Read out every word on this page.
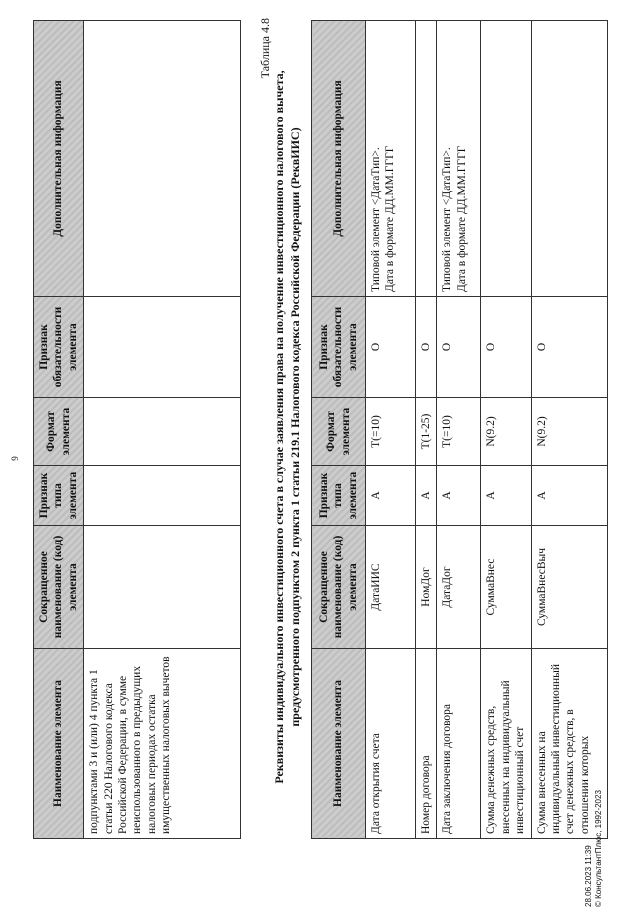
9
Наименование элемента	Сокращенное наименование (код) элемента	Признак типа элемента	Формат элемента	Признак обязательности элемента	Дополнительная информация
подпунктами 3 и (или) 4 пункта 1 статьи 220 Налогового кодекса Российской Федерации, в сумме неиспользованного в предыдущих налоговых периодах остатка имущественных налоговых вычетов					
Таблица 4.8
Реквизиты индивидуального инвестиционного счета в случае заявления права на получение инвестиционного налогового вычета, предусмотренного подпунктом 2 пункта 1 статьи 219.1 Налогового кодекса Российской Федерации (РеквИИС)
Наименование элемента	Сокращенное наименование (код) элемента	Признак типа элемента	Формат элемента	Признак обязательности элемента	Дополнительная информация
Дата открытия счета	ДатаИИС	А	T(=10)	О	Типовой элемент <ДатаТип>. Дата в формате ДД.ММ.ГГГГ

Номер договора	НомДог	А	T(1-25)	О	

Дата заключения договора	ДатаДог	А	T(=10)	О	Типовой элемент <ДатаТип>. Дата в формате ДД.ММ.ГГГГ

Сумма денежных средств, внесенных на индивидуальный инвестиционный счет	СуммаВнес	А	N(9.2)	О	

Сумма внесенных на индивидуальный инвестиционный счет денежных средств, в отношении которых	СуммаВнесВыч	А	N(9.2)	О	
28.06.2023 11:39 © КонсультантПлюс, 1992-2023
